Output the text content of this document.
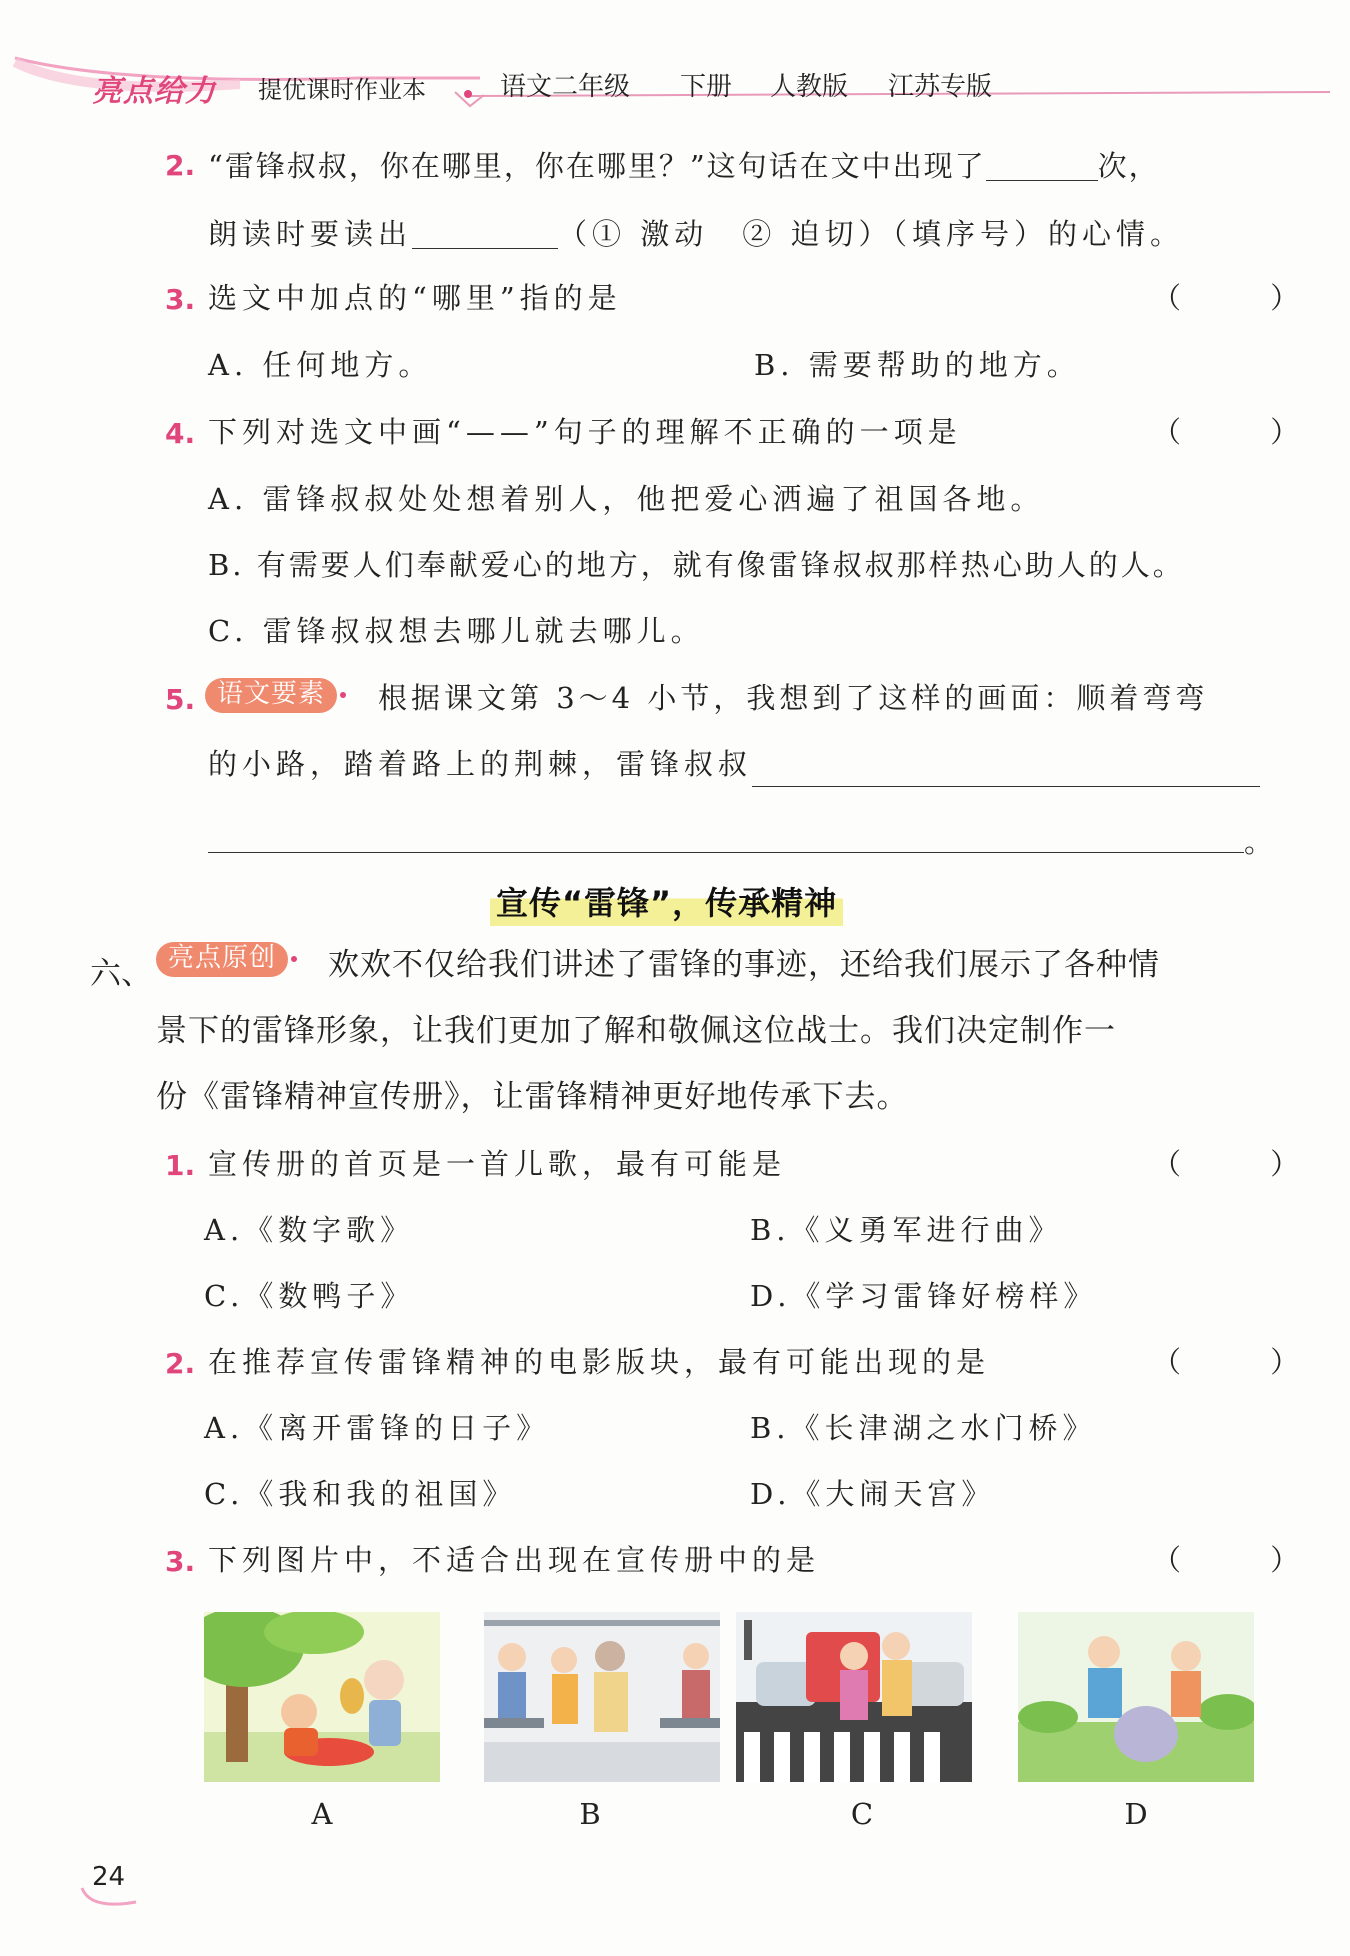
亮点给力 提优课时作业本	语文二年级 下册 人教版 江苏专版
2. “雷锋叔叔，你在哪里，你在哪里？”这句话在文中出现了	次，
朗读时要读出	（① 激动　② 迫切）（填序号）的心情。
3. 选文中加点的“哪里”指的是	（ ）
A. 任何地方。	B. 需要帮助的地方。
4. 下列对选文中画“——”句子的理解不正确的一项是	（ ）
A. 雷锋叔叔处处想着别人，他把爱心洒遍了祖国各地。
B. 有需要人们奉献爱心的地方，就有像雷锋叔叔那样热心助人的人。
C. 雷锋叔叔想去哪儿就去哪儿。
5. 语文要素	根据课文第 3～4 小节，我想到了这样的画面：顺着弯弯
的小路，踏着路上的荆棘，雷锋叔叔
。
宣传“雷锋”，传承精神
六、 亮点原创	欢欢不仅给我们讲述了雷锋的事迹，还给我们展示了各种情
景下的雷锋形象，让我们更加了解和敬佩这位战士。我们决定制作一
份《雷锋精神宣传册》，让雷锋精神更好地传承下去。
1. 宣传册的首页是一首儿歌，最有可能是	（ ）
A.《数字歌》	B.《义勇军进行曲》
C.《数鸭子》	D.《学习雷锋好榜样》
2. 在推荐宣传雷锋精神的电影版块，最有可能出现的是	（ ）
A.《离开雷锋的日子》	B.《长津湖之水门桥》
C.《我和我的祖国》	D.《大闹天宫》
3. 下列图片中，不适合出现在宣传册中的是	（ ）
A	B	C	D
24
